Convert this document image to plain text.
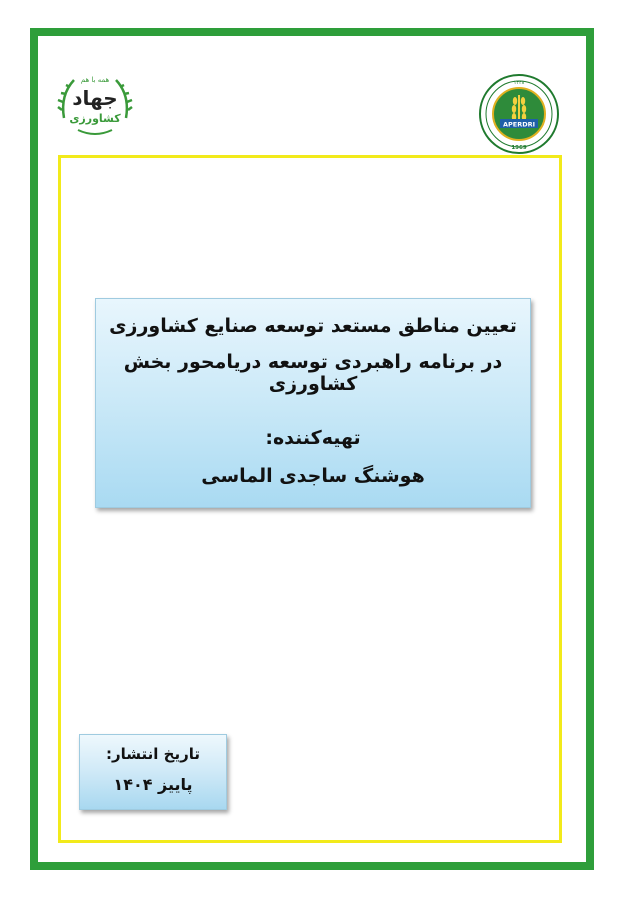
همه با هم
جهاد
کشاورزی	APERDRI
۱۳۴۸
1969
تعیین مناطق مستعد توسعه صنایع کشاورزی
در برنامه راهبردی توسعه دریامحور بخش کشاورزی
تهیه‌کننده:
هوشنگ ساجدی الماسی
تاریخ انتشار:
پاییز ۱۴۰۴
